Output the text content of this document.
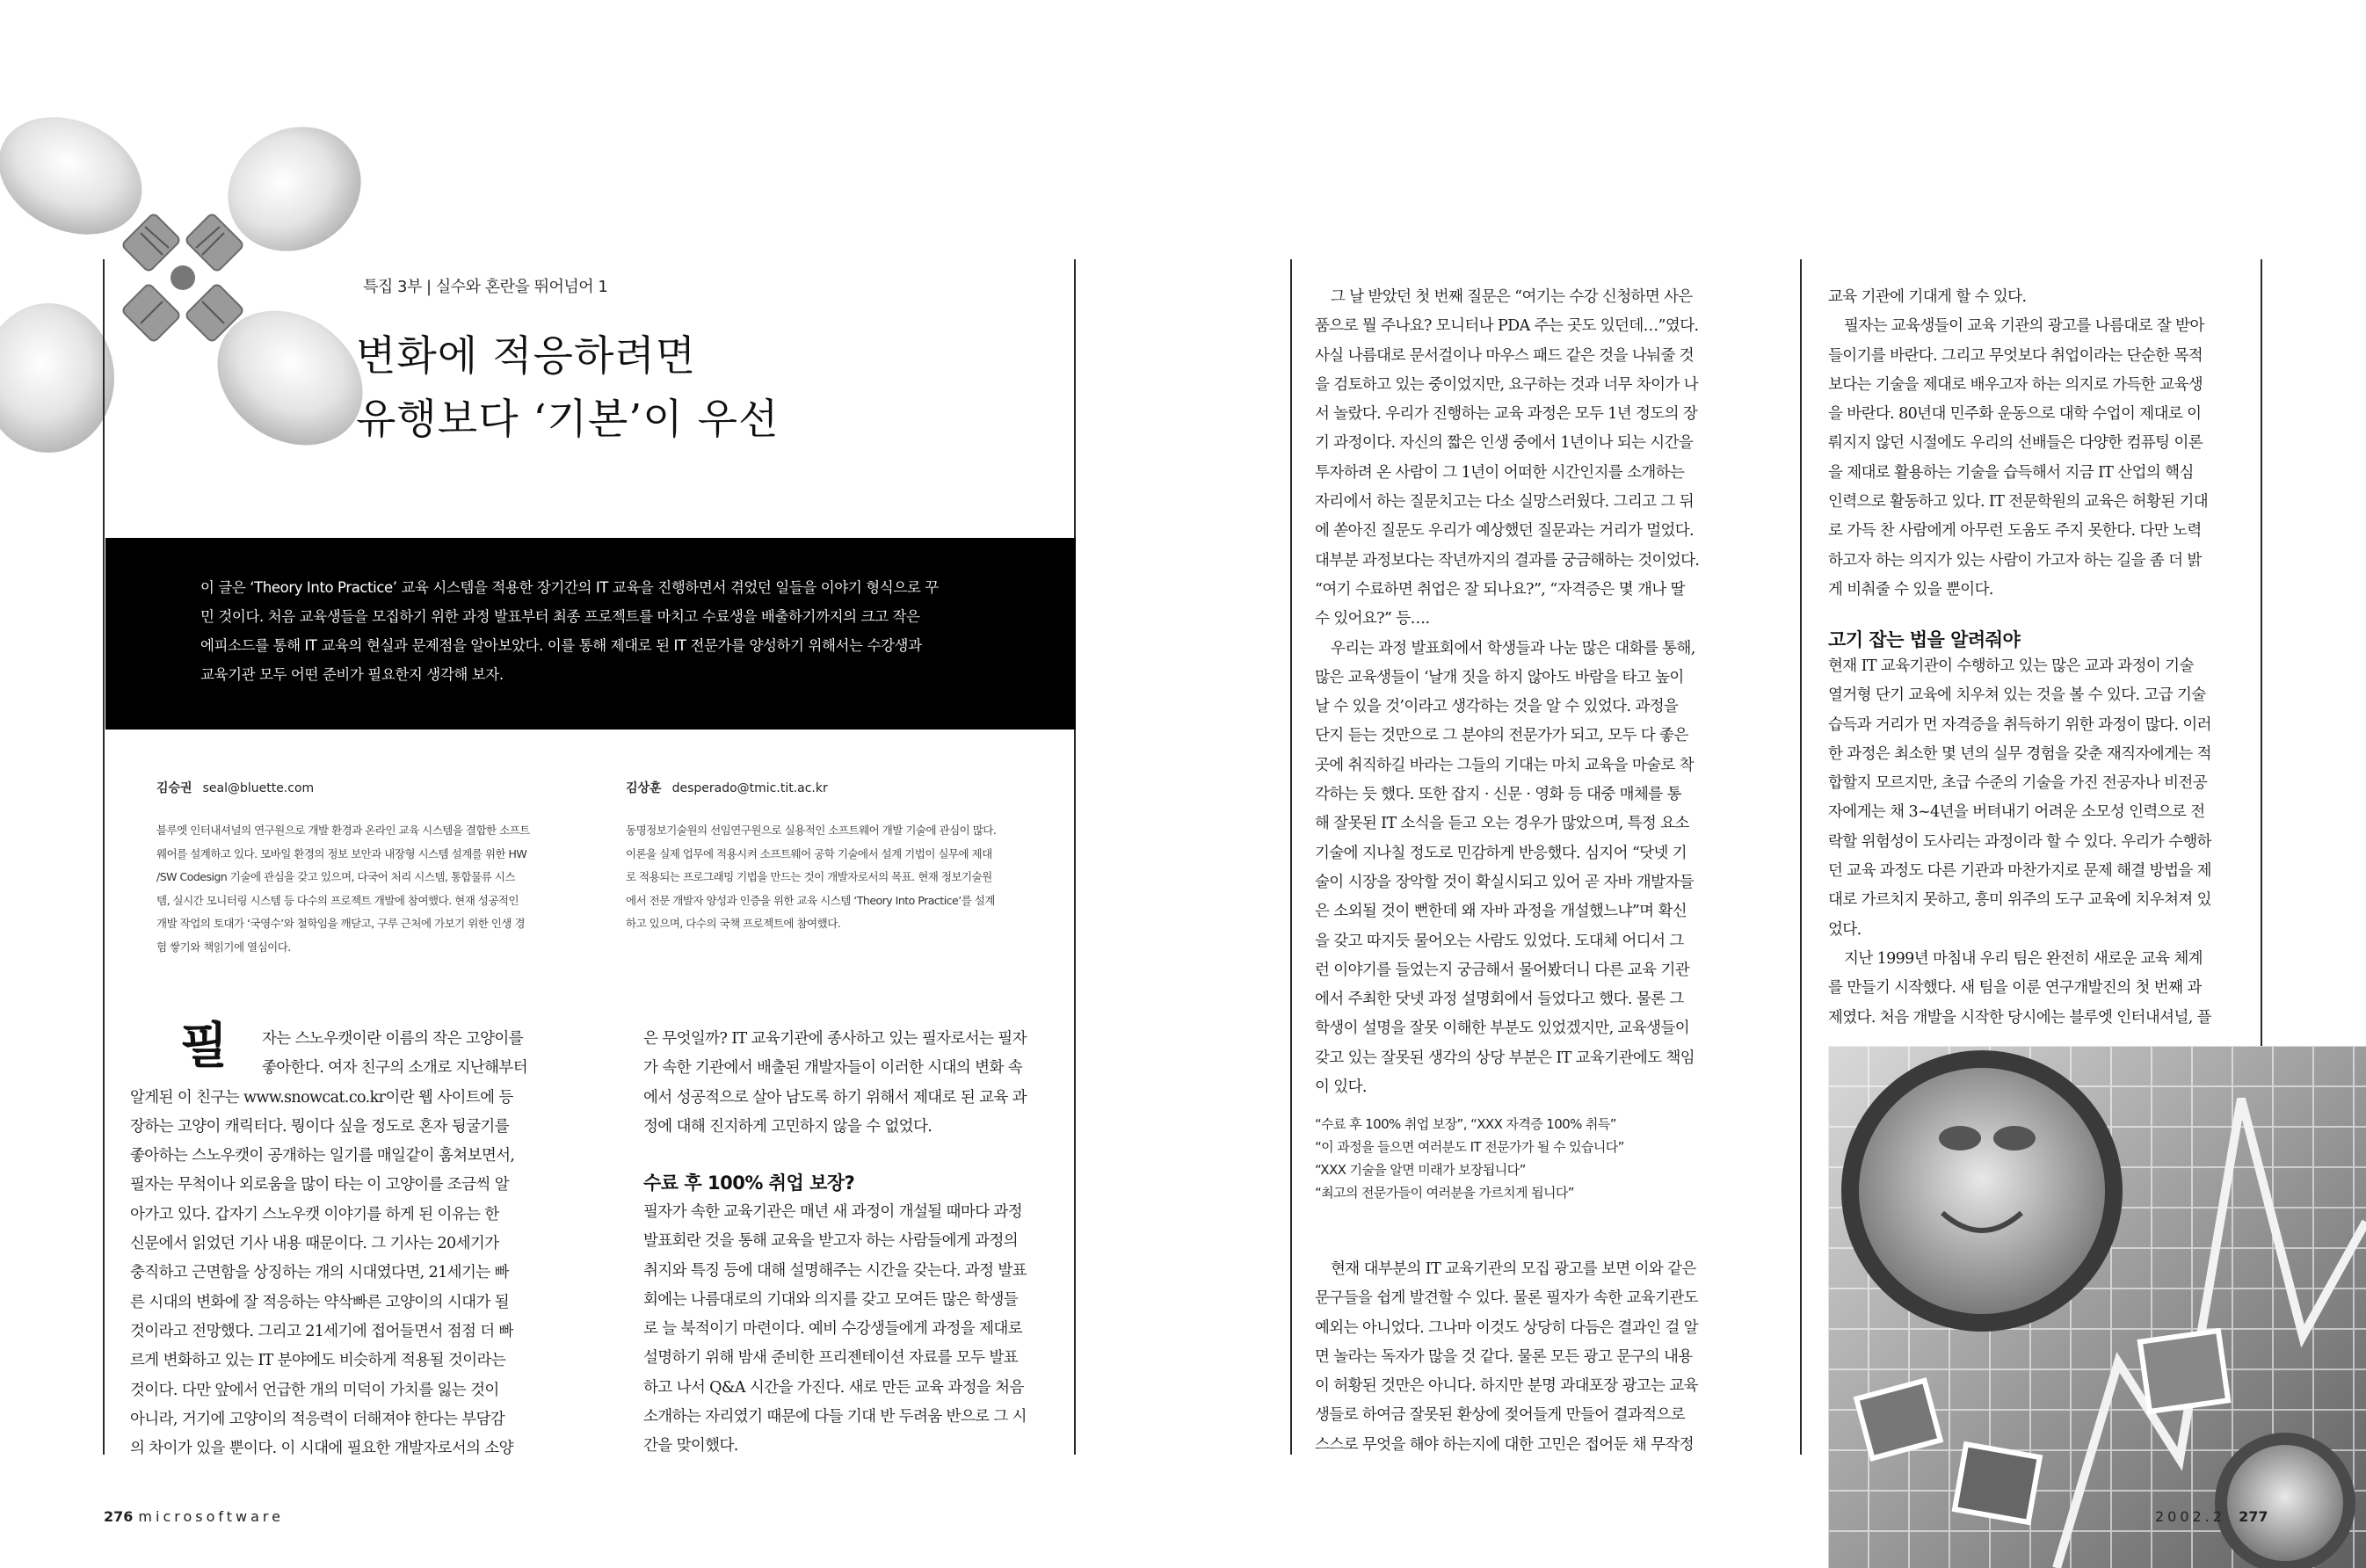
특집 3부 | 실수와 혼란을 뛰어넘어 1
변화에 적응하려면
유행보다 ‘기본’이 우선

이 글은 ‘Theory Into Practice’ 교육 시스템을 적용한 장기간의 IT 교육을 진행하면서 겪었던 일들을 이야기 형식으로 꾸

민 것이다. 처음 교육생들을 모집하기 위한 과정 발표부터 최종 프로젝트를 마치고 수료생을 배출하기까지의 크고 작은

에피소드를 통해 IT 교육의 현실과 문제점을 알아보았다. 이를 통해 제대로 된 IT 전문가를 양성하기 위해서는 수강생과

교육기관 모두 어떤 준비가 필요한지 생각해 보자.

김승권 seal@bluette.com

블루엣 인터내셔널의 연구원으로 개발 환경과 온라인 교육 시스템을 결합한 소프트

웨어를 설계하고 있다. 모바일 환경의 정보 보안과 내장형 시스템 설계를 위한 HW

/SW Codesign 기술에 관심을 갖고 있으며, 다국어 처리 시스템, 통합물류 시스

템, 실시간 모니터링 시스템 등 다수의 프로젝트 개발에 참여했다. 현재 성공적인

개발 작업의 토대가 ‘국영수’와 철학임을 깨닫고, 구루 근처에 가보기 위한 인생 경

험 쌓기와 책읽기에 열심이다.

김상훈 desperado@tmic.tit.ac.kr

동명정보기술원의 선임연구원으로 실용적인 소프트웨어 개발 기술에 관심이 많다.

이론을 실제 업무에 적용시켜 소프트웨어 공학 기술에서 설계 기법이 실무에 제대

로 적용되는 프로그래밍 기법을 만드는 것이 개발자로서의 목표. 현재 정보기술원

에서 전문 개발자 양성과 인증을 위한 교육 시스템 ‘Theory Into Practice’를 설계

하고 있으며, 다수의 국책 프로젝트에 참여했다.

필	자는 스노우캣이란 이름의 작은 고양이를

좋아한다. 여자 친구의 소개로 지난해부터

알게된 이 친구는 www.snowcat.co.kr이란 웹 사이트에 등

장하는 고양이 캐릭터다. 뭥이다 싶을 정도로 혼자 뒹굴기를

좋아하는 스노우캣이 공개하는 일기를 매일같이 훔쳐보면서,

필자는 무척이나 외로움을 많이 타는 이 고양이를 조금씩 알

아가고 있다. 갑자기 스노우캣 이야기를 하게 된 이유는 한

신문에서 읽었던 기사 내용 때문이다. 그 기사는 20세기가

충직하고 근면함을 상징하는 개의 시대였다면, 21세기는 빠

른 시대의 변화에 잘 적응하는 약삭빠른 고양이의 시대가 될

것이라고 전망했다. 그리고 21세기에 접어들면서 점점 더 빠

르게 변화하고 있는 IT 분야에도 비슷하게 적용될 것이라는

것이다. 다만 앞에서 언급한 개의 미덕이 가치를 잃는 것이

아니라, 거기에 고양이의 적응력이 더해져야 한다는 부담감

의 차이가 있을 뿐이다. 이 시대에 필요한 개발자로서의 소양

은 무엇일까? IT 교육기관에 종사하고 있는 필자로서는 필자

가 속한 기관에서 배출된 개발자들이 이러한 시대의 변화 속

에서 성공적으로 살아 남도록 하기 위해서 제대로 된 교육 과

정에 대해 진지하게 고민하지 않을 수 없었다.

수료 후 100% 취업 보장?

필자가 속한 교육기관은 매년 새 과정이 개설될 때마다 과정

발표회란 것을 통해 교육을 받고자 하는 사람들에게 과정의

취지와 특징 등에 대해 설명해주는 시간을 갖는다. 과정 발표

회에는 나름대로의 기대와 의지를 갖고 모여든 많은 학생들

로 늘 북적이기 마련이다. 예비 수강생들에게 과정을 제대로

설명하기 위해 밤새 준비한 프리젠테이션 자료를 모두 발표

하고 나서 Q&A 시간을 가진다. 새로 만든 교육 과정을 처음

소개하는 자리였기 때문에 다들 기대 반 두려움 반으로 그 시

간을 맞이했다.

그 날 받았던 첫 번째 질문은 “여기는 수강 신청하면 사은

품으로 뭘 주나요? 모니터나 PDA 주는 곳도 있던데…”였다.

사실 나름대로 문서걸이나 마우스 패드 같은 것을 나눠줄 것

을 검토하고 있는 중이었지만, 요구하는 것과 너무 차이가 나

서 놀랐다. 우리가 진행하는 교육 과정은 모두 1년 정도의 장

기 과정이다. 자신의 짧은 인생 중에서 1년이나 되는 시간을

투자하려 온 사람이 그 1년이 어떠한 시간인지를 소개하는

자리에서 하는 질문치고는 다소 실망스러웠다. 그리고 그 뒤

에 쏟아진 질문도 우리가 예상했던 질문과는 거리가 멀었다.

대부분 과정보다는 작년까지의 결과를 궁금해하는 것이었다.

“여기 수료하면 취업은 잘 되나요?”, “자격증은 몇 개나 딸

수 있어요?” 등….

우리는 과정 발표회에서 학생들과 나눈 많은 대화를 통해,

많은 교육생들이 ‘날개 짓을 하지 않아도 바람을 타고 높이

날 수 있을 것’이라고 생각하는 것을 알 수 있었다. 과정을

단지 듣는 것만으로 그 분야의 전문가가 되고, 모두 다 좋은

곳에 취직하길 바라는 그들의 기대는 마치 교육을 마술로 착

각하는 듯 했다. 또한 잡지 · 신문 · 영화 등 대중 매체를 통

해 잘못된 IT 소식을 듣고 오는 경우가 많았으며, 특정 요소

기술에 지나칠 정도로 민감하게 반응했다. 심지어 “닷넷 기

술이 시장을 장악할 것이 확실시되고 있어 곧 자바 개발자들

은 소외될 것이 뻔한데 왜 자바 과정을 개설했느냐”며 확신

을 갖고 따지듯 물어오는 사람도 있었다. 도대체 어디서 그

런 이야기를 들었는지 궁금해서 물어봤더니 다른 교육 기관

에서 주최한 닷넷 과정 설명회에서 들었다고 했다. 물론 그

학생이 설명을 잘못 이해한 부분도 있었겠지만, 교육생들이

갖고 있는 잘못된 생각의 상당 부분은 IT 교육기관에도 책임

이 있다.

“수료 후 100% 취업 보장”, “XXX 자격증 100% 취득”

“이 과정을 들으면 여러분도 IT 전문가가 될 수 있습니다”

“XXX 기술을 알면 미래가 보장됩니다”

“최고의 전문가들이 여러분을 가르치게 됩니다”

현재 대부분의 IT 교육기관의 모집 광고를 보면 이와 같은

문구들을 쉽게 발견할 수 있다. 물론 필자가 속한 교육기관도

예외는 아니었다. 그나마 이것도 상당히 다듬은 결과인 걸 알

면 놀라는 독자가 많을 것 같다. 물론 모든 광고 문구의 내용

이 허황된 것만은 아니다. 하지만 분명 과대포장 광고는 교육

생들로 하여금 잘못된 환상에 젖어들게 만들어 결과적으로

스스로 무엇을 해야 하는지에 대한 고민은 접어둔 채 무작정

교육 기관에 기대게 할 수 있다.

필자는 교육생들이 교육 기관의 광고를 나름대로 잘 받아

들이기를 바란다. 그리고 무엇보다 취업이라는 단순한 목적

보다는 기술을 제대로 배우고자 하는 의지로 가득한 교육생

을 바란다. 80년대 민주화 운동으로 대학 수업이 제대로 이

뤄지지 않던 시절에도 우리의 선배들은 다양한 컴퓨팅 이론

을 제대로 활용하는 기술을 습득해서 지금 IT 산업의 핵심

인력으로 활동하고 있다. IT 전문학원의 교육은 허황된 기대

로 가득 찬 사람에게 아무런 도움도 주지 못한다. 다만 노력

하고자 하는 의지가 있는 사람이 가고자 하는 길을 좀 더 밝

게 비춰줄 수 있을 뿐이다.

고기 잡는 법을 알려줘야

현재 IT 교육기관이 수행하고 있는 많은 교과 과정이 기술

열거형 단기 교육에 치우쳐 있는 것을 볼 수 있다. 고급 기술

습득과 거리가 먼 자격증을 취득하기 위한 과정이 많다. 이러

한 과정은 최소한 몇 년의 실무 경험을 갖춘 재직자에게는 적

합할지 모르지만, 초급 수준의 기술을 가진 전공자나 비전공

자에게는 채 3~4년을 버텨내기 어려운 소모성 인력으로 전

락할 위험성이 도사리는 과정이라 할 수 있다. 우리가 수행하

던 교육 과정도 다른 기관과 마찬가지로 문제 해결 방법을 제

대로 가르치지 못하고, 흥미 위주의 도구 교육에 치우쳐져 있

었다.

지난 1999년 마침내 우리 팀은 완전히 새로운 교육 체계

를 만들기 시작했다. 새 팀을 이룬 연구개발진의 첫 번째 과

제였다. 처음 개발을 시작한 당시에는 블루엣 인터내셔널, 플

276 microsoftware	2002.2 277
